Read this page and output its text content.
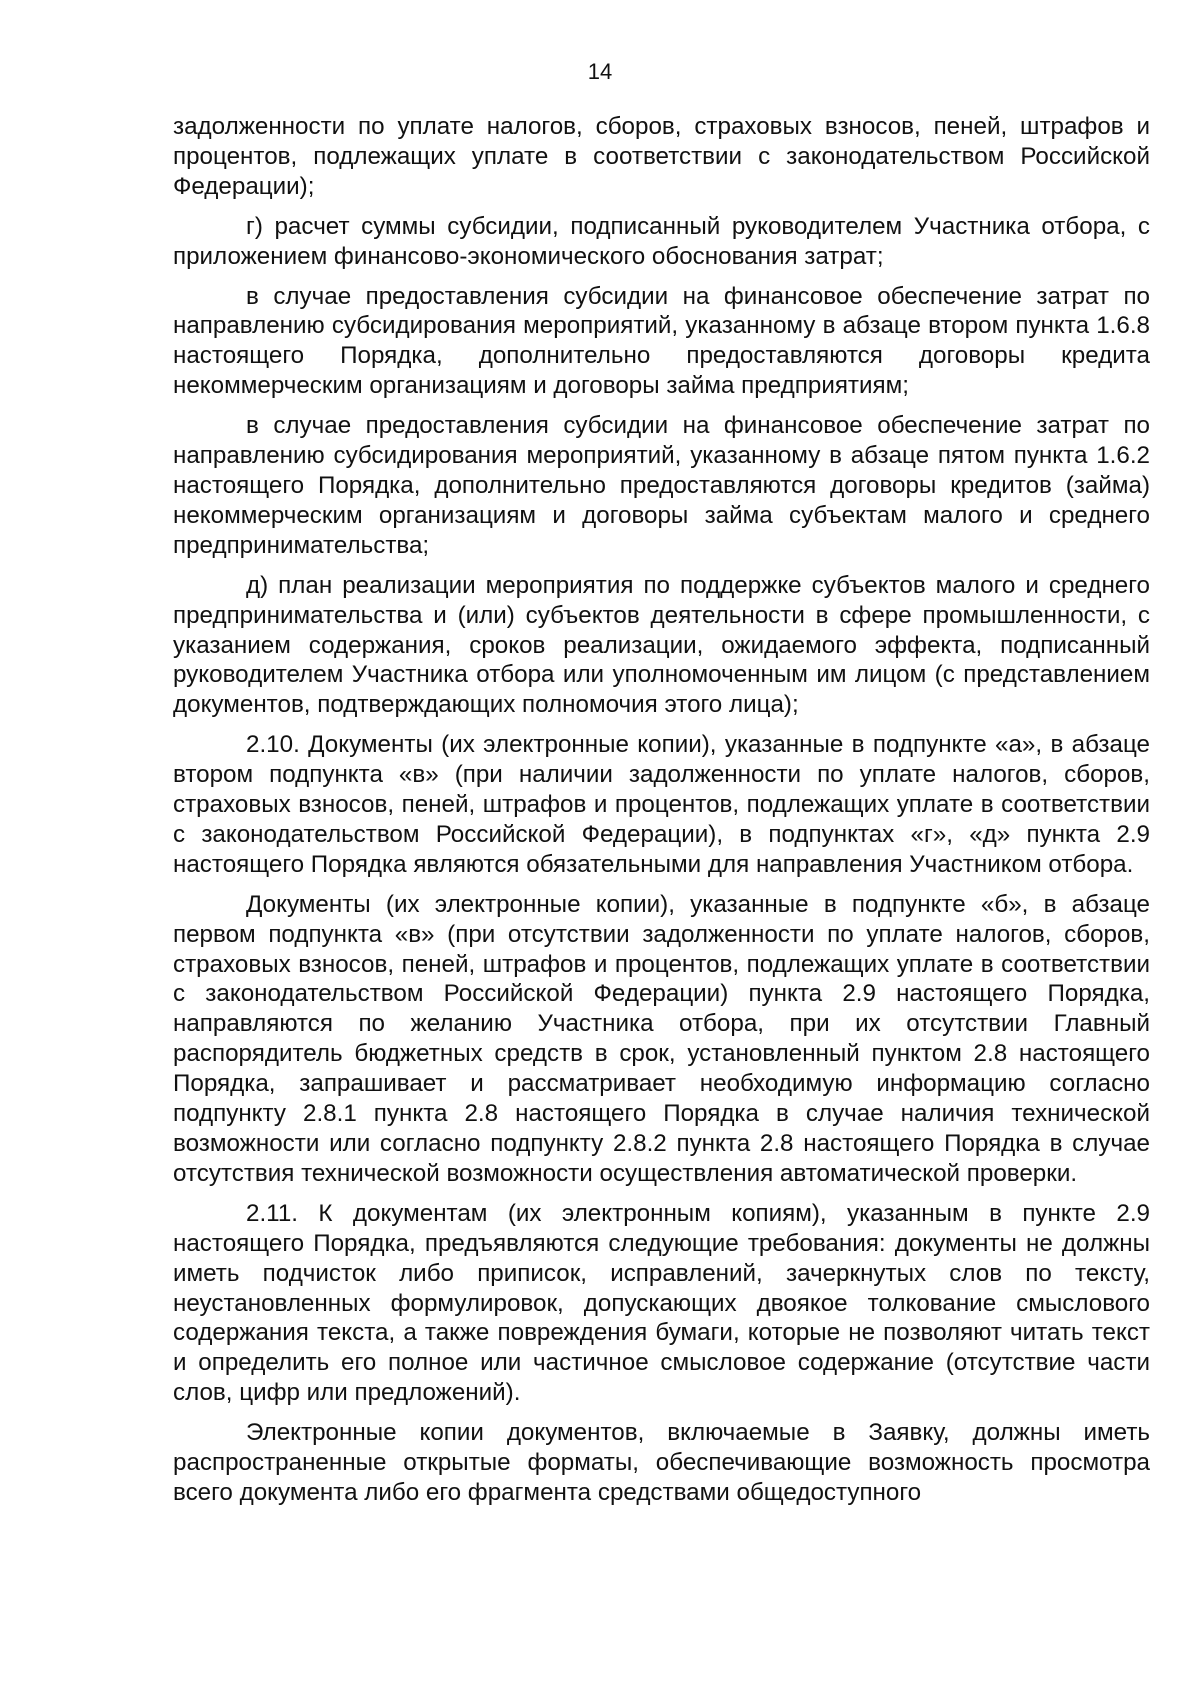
14

задолженности по уплате налогов, сборов, страховых взносов, пеней, штрафов и процентов, подлежащих уплате в соответствии с законодательством Российской Федерации);

г) расчет суммы субсидии, подписанный руководителем Участника отбора, с приложением финансово-экономического обоснования затрат;

в случае предоставления субсидии на финансовое обеспечение затрат по направлению субсидирования мероприятий, указанному в абзаце втором пункта 1.6.8 настоящего Порядка, дополнительно предоставляются договоры кредита некоммерческим организациям и договоры займа предприятиям;

в случае предоставления субсидии на финансовое обеспечение затрат по направлению субсидирования мероприятий, указанному в абзаце пятом пункта 1.6.2 настоящего Порядка, дополнительно предоставляются договоры кредитов (займа) некоммерческим организациям и договоры займа субъектам малого и среднего предпринимательства;

д) план реализации мероприятия по поддержке субъектов малого и среднего предпринимательства и (или) субъектов деятельности в сфере промышленности, с указанием содержания, сроков реализации, ожидаемого эффекта, подписанный руководителем Участника отбора или уполномоченным им лицом (с представлением документов, подтверждающих полномочия этого лица);

2.10. Документы (их электронные копии), указанные в подпункте «а», в абзаце втором подпункта «в» (при наличии задолженности по уплате налогов, сборов, страховых взносов, пеней, штрафов и процентов, подлежащих уплате в соответствии с законодательством Российской Федерации), в подпунктах «г», «д» пункта 2.9 настоящего Порядка являются обязательными для направления Участником отбора.

Документы (их электронные копии), указанные в подпункте «б», в абзаце первом подпункта «в» (при отсутствии задолженности по уплате налогов, сборов, страховых взносов, пеней, штрафов и процентов, подлежащих уплате в соответствии с законодательством Российской Федерации) пункта 2.9 настоящего Порядка, направляются по желанию Участника отбора, при их отсутствии Главный распорядитель бюджетных средств в срок, установленный пунктом 2.8 настоящего Порядка, запрашивает и рассматривает необходимую информацию согласно подпункту 2.8.1 пункта 2.8 настоящего Порядка в случае наличия технической возможности или согласно подпункту 2.8.2 пункта 2.8 настоящего Порядка в случае отсутствия технической возможности осуществления автоматической проверки.

2.11. К документам (их электронным копиям), указанным в пункте 2.9 настоящего Порядка, предъявляются следующие требования: документы не должны иметь подчисток либо приписок, исправлений, зачеркнутых слов по тексту, неустановленных формулировок, допускающих двоякое толкование смыслового содержания текста, а также повреждения бумаги, которые не позволяют читать текст и определить его полное или частичное смысловое содержание (отсутствие части слов, цифр или предложений).

Электронные копии документов, включаемые в Заявку, должны иметь распространенные открытые форматы, обеспечивающие возможность просмотра всего документа либо его фрагмента средствами общедоступного
